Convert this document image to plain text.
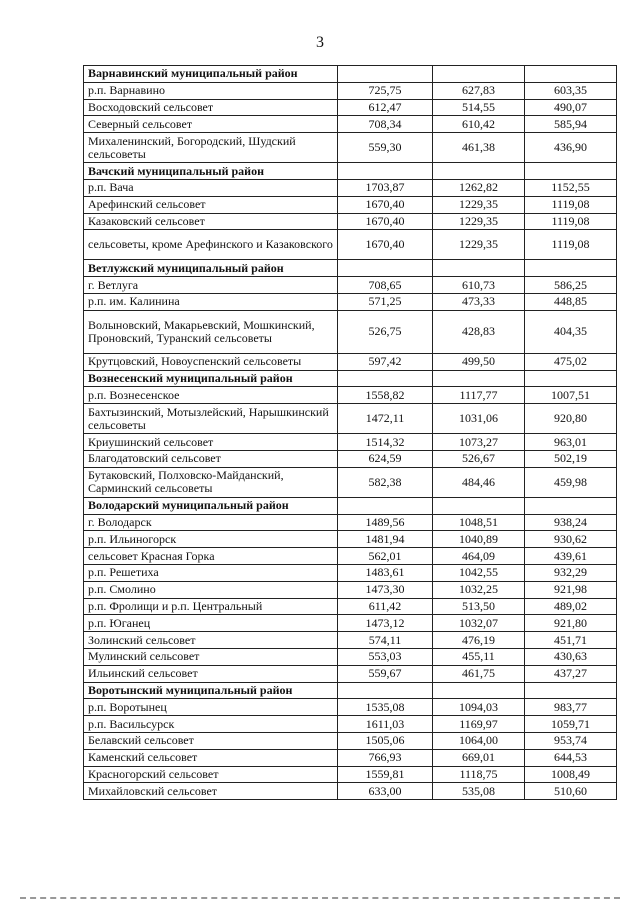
3
Варнавинский муниципальный район			
р.п. Варнавино	725,75	627,83	603,35
Восходовский сельсовет	612,47	514,55	490,07
Северный сельсовет	708,34	610,42	585,94
Михаленинский, Богородский, Шудский сельсоветы	559,30	461,38	436,90
Вачский муниципальный район			
р.п. Вача	1703,87	1262,82	1152,55
Арефинский сельсовет	1670,40	1229,35	1119,08
Казаковский сельсовет	1670,40	1229,35	1119,08
сельсоветы, кроме Арефинского и Казаковского	1670,40	1229,35	1119,08
Ветлужский муниципальный район			
г. Ветлуга	708,65	610,73	586,25
р.п. им. Калинина	571,25	473,33	448,85
Волыновский, Макарьевский, Мошкинский, Проновский, Туранский сельсоветы	526,75	428,83	404,35
Крутцовский, Новоуспенский сельсоветы	597,42	499,50	475,02
Вознесенский муниципальный район			
р.п. Вознесенское	1558,82	1117,77	1007,51
Бахтызинский, Мотызлейский, Нарышкинский сельсоветы	1472,11	1031,06	920,80
Криушинский сельсовет	1514,32	1073,27	963,01
Благодатовский сельсовет	624,59	526,67	502,19
Бутаковский, Полховско-Майданский, Сарминский сельсоветы	582,38	484,46	459,98
Володарский муниципальный район			
г. Володарск	1489,56	1048,51	938,24
р.п. Ильиногорск	1481,94	1040,89	930,62
сельсовет Красная Горка	562,01	464,09	439,61
р.п. Решетиха	1483,61	1042,55	932,29
р.п. Смолино	1473,30	1032,25	921,98
р.п. Фролищи и р.п. Центральный	611,42	513,50	489,02
р.п. Юганец	1473,12	1032,07	921,80
Золинский сельсовет	574,11	476,19	451,71
Мулинский сельсовет	553,03	455,11	430,63
Ильинский сельсовет	559,67	461,75	437,27
Воротынский муниципальный район			
р.п. Воротынец	1535,08	1094,03	983,77
р.п. Васильсурск	1611,03	1169,97	1059,71
Белавский сельсовет	1505,06	1064,00	953,74
Каменский сельсовет	766,93	669,01	644,53
Красногорский сельсовет	1559,81	1118,75	1008,49
Михайловский сельсовет	633,00	535,08	510,60
